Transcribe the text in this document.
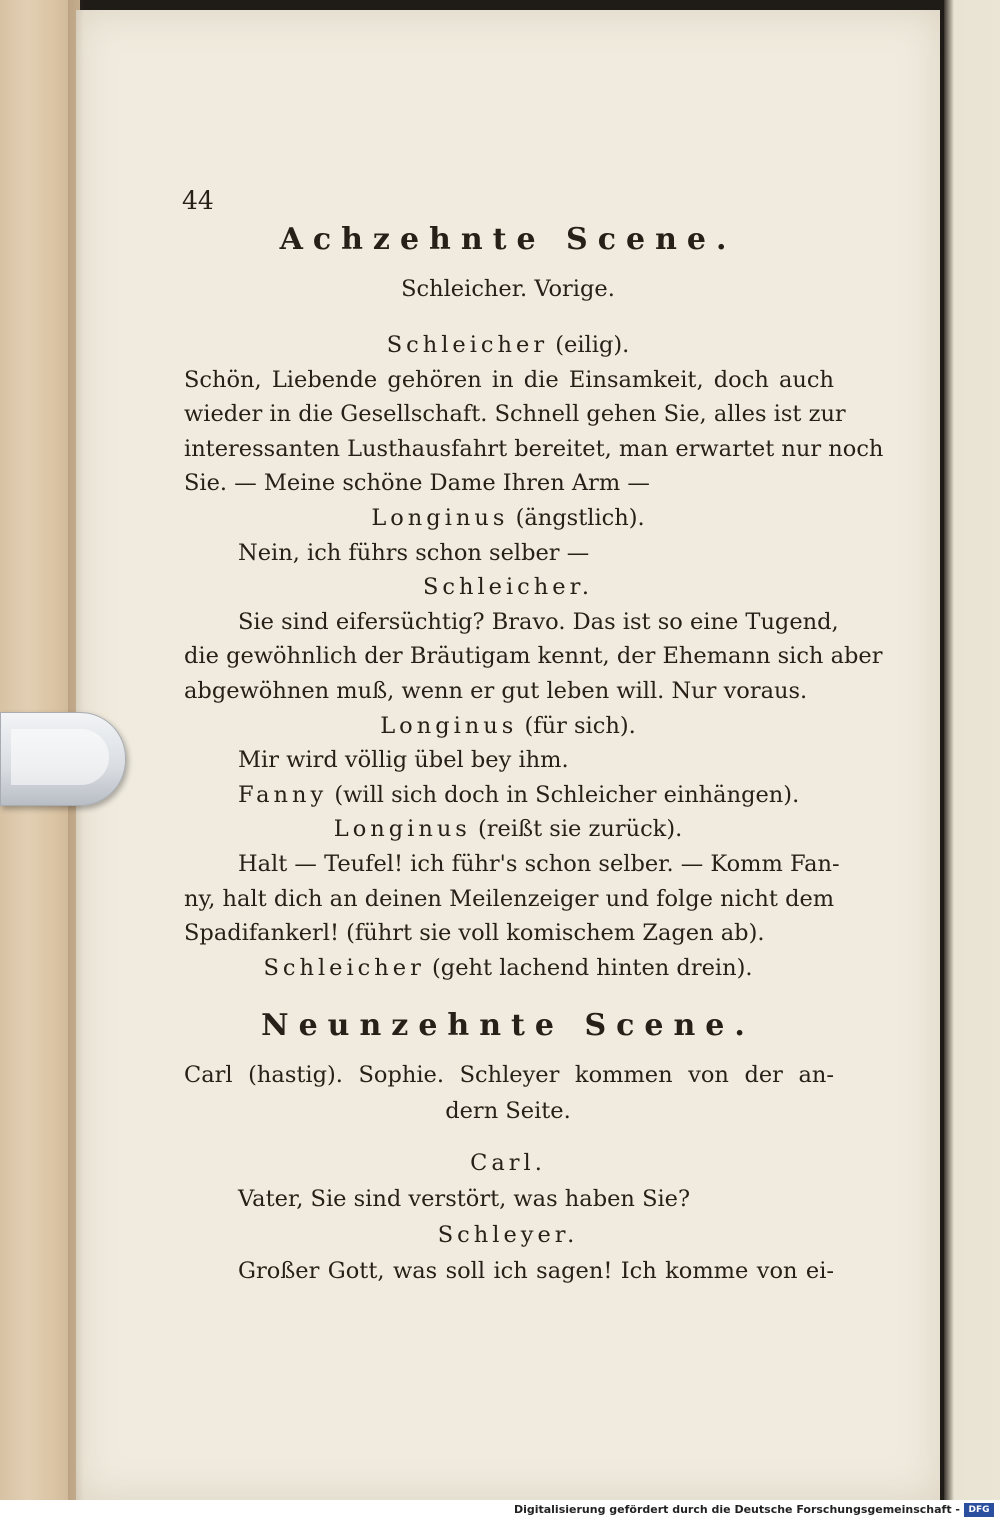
44
Achzehnte Scene.
Schleicher. Vorige.
Schleicher (eilig).
Schön, Liebende gehören in die Einsamkeit, doch auch
wieder in die Gesellschaft. Schnell gehen Sie, alles ist zur
interessanten Lusthausfahrt bereitet, man erwartet nur noch
Sie. — Meine schöne Dame Ihren Arm —
Longinus (ängstlich).
Nein, ich führs schon selber —
Schleicher.
Sie sind eifersüchtig? Bravo. Das ist so eine Tugend,
die gewöhnlich der Bräutigam kennt, der Ehemann sich aber
abgewöhnen muß, wenn er gut leben will. Nur voraus.
Longinus (für sich).
Mir wird völlig übel bey ihm.
Fanny (will sich doch in Schleicher einhängen).
Longinus (reißt sie zurück).
Halt — Teufel! ich führ's schon selber. — Komm Fan-
ny, halt dich an deinen Meilenzeiger und folge nicht dem
Spadifankerl! (führt sie voll komischem Zagen ab).
Schleicher (geht lachend hinten drein).
Neunzehnte Scene.
Carl (hastig). Sophie. Schleyer kommen von der an-
dern Seite.
Carl.
Vater, Sie sind verstört, was haben Sie?
Schleyer.
Großer Gott, was soll ich sagen! Ich komme von ei-
Digitalisierung gefördert durch die Deutsche Forschungsgemeinschaft - DFG
